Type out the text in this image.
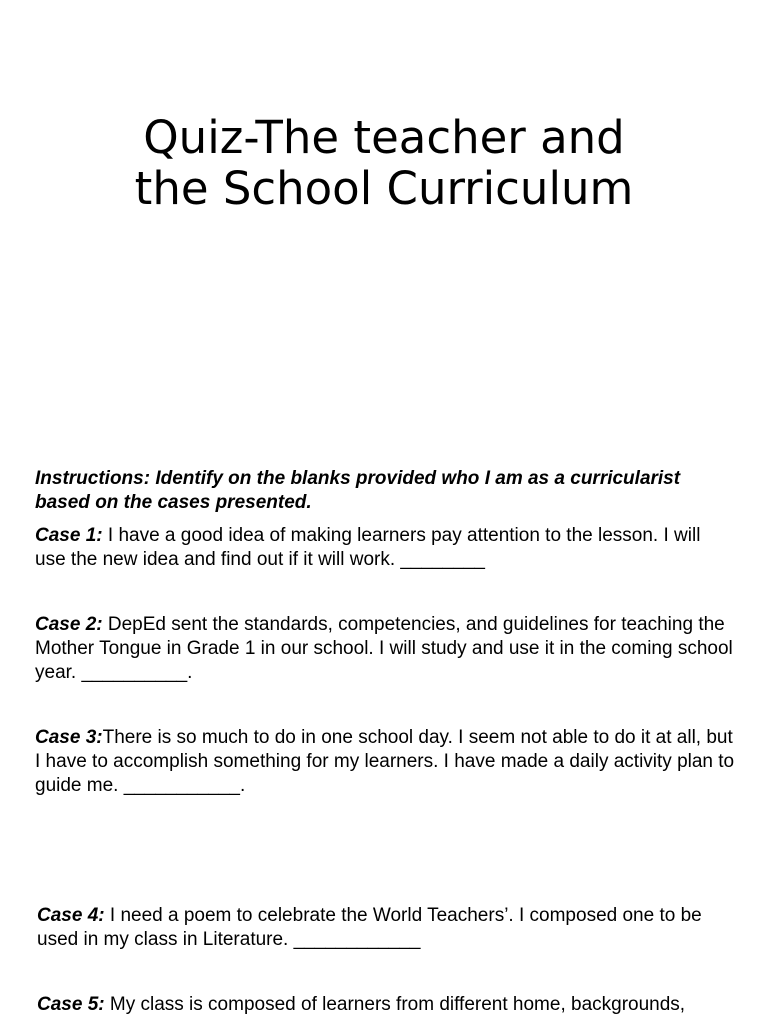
Quiz-The teacher and
the School Curriculum

Instructions: Identify on the blanks provided who I am as a curricularist based on the cases presented.

Case 1: I have a good idea of making learners pay attention to the lesson. I will use the new idea and find out if it will work. ________

Case 2: DepEd sent the standards, competencies, and guidelines for teaching the Mother Tongue in Grade 1 in our school. I will study and use it in the coming school year. __________.

Case 3:There is so much to do in one school day. I seem not able to do it at all, but I have to accomplish something for my learners. I have made a daily activity plan to guide me. ___________.

Case 4: I need a poem to celebrate the World Teachers’. I composed one to be used in my class in Literature. ____________

Case 5: My class is composed of learners from different home, backgrounds,
